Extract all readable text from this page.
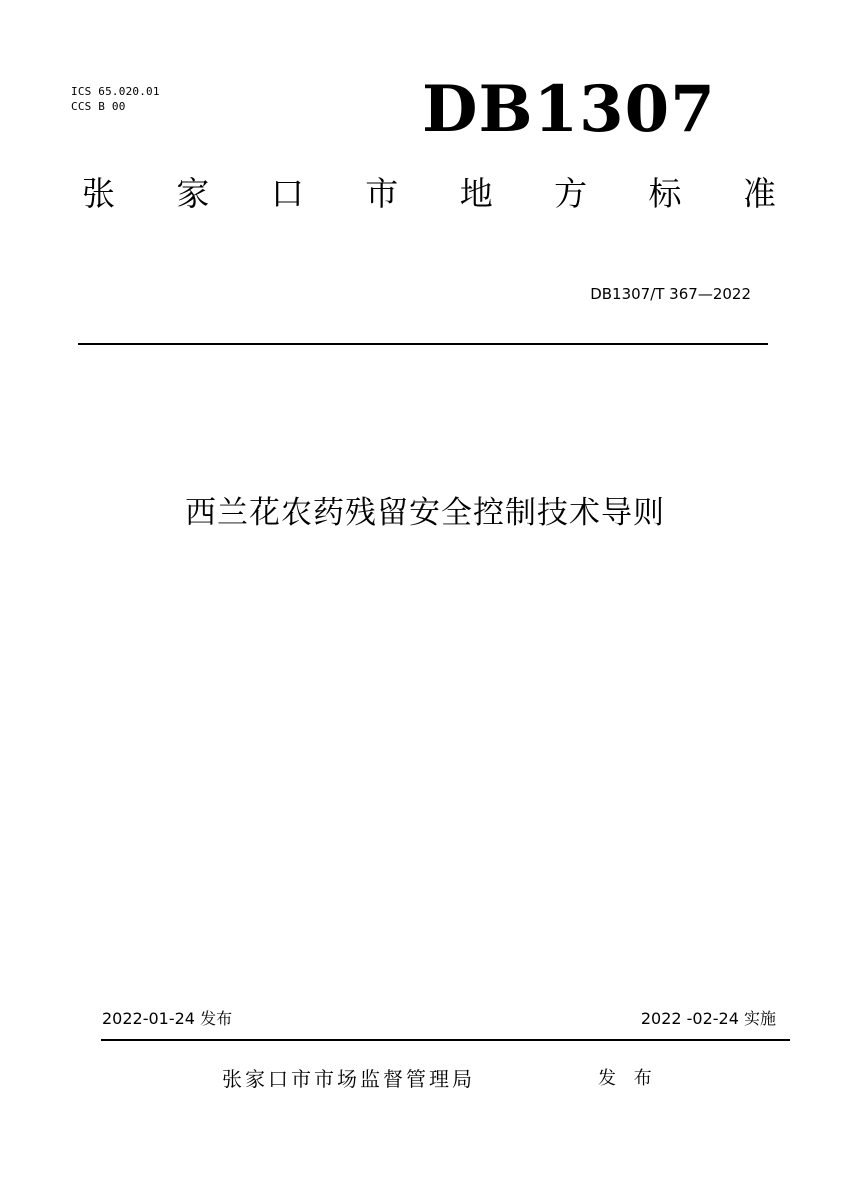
ICS 65.020.01
CCS B 00	DB1307
张 家 口 市 地 方 标 准
DB1307/T 367—2022
西兰花农药残留安全控制技术导则
2022-01-24 发布	2022 -02-24 实施
张家口市市场监督管理局	发 布
